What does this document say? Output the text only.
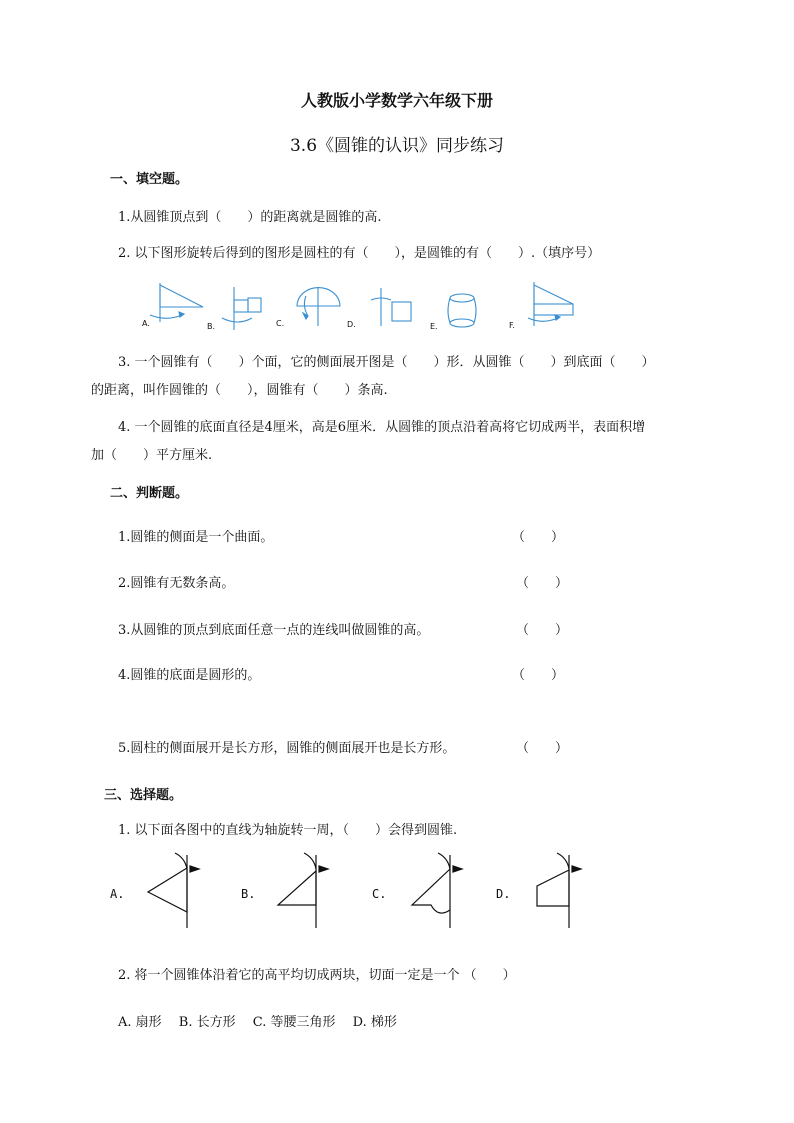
人教版小学数学六年级下册
3.6《圆锥的认识》同步练习
一、填空题。
1.从圆锥顶点到（　　）的距离就是圆锥的高.
2. 以下图形旋转后得到的图形是圆柱的有（　　），是圆锥的有（　　）.（填序号）
A.	B.	C.	D.	E.	F.
3. 一个圆锥有（　　）个面，它的侧面展开图是（　　）形．从圆锥（　　）到底面（　　）
的距离，叫作圆锥的（　　），圆锥有（　　）条高.
4. 一个圆锥的底面直径是4厘米，高是6厘米．从圆锥的顶点沿着高将它切成两半，表面积增
加（　　）平方厘米.
二、判断题。
1.圆锥的侧面是一个曲面。	（　　）
2.圆锥有无数条高。	（　　）
3.从圆锥的顶点到底面任意一点的连线叫做圆锥的高。	（　　）
4.圆锥的底面是圆形的。	（　　）
5.圆柱的侧面展开是长方形，圆锥的侧面展开也是长方形。	（　　）
三、选择题。
1. 以下面各图中的直线为轴旋转一周，（　　）会得到圆锥.
A.	B.	C.	D.
2. 将一个圆锥体沿着它的高平均切成两块，切面一定是一个 （　　）
A. 扇形　 B. 长方形　 C. 等腰三角形　 D. 梯形
